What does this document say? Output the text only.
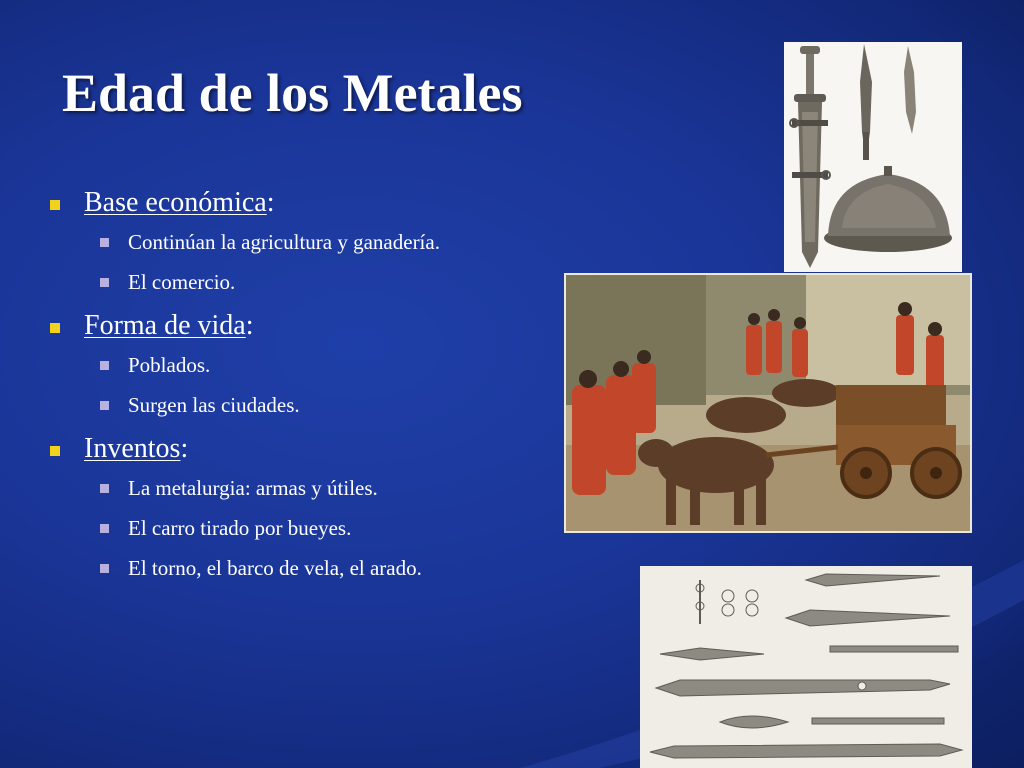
Edad de los Metales
Base económica:
Continúan la agricultura y ganadería.
El comercio.
Forma de vida:
Poblados.
Surgen las ciudades.
Inventos:
La metalurgia: armas y útiles.
El carro tirado por bueyes.
El torno, el barco de vela, el arado.
